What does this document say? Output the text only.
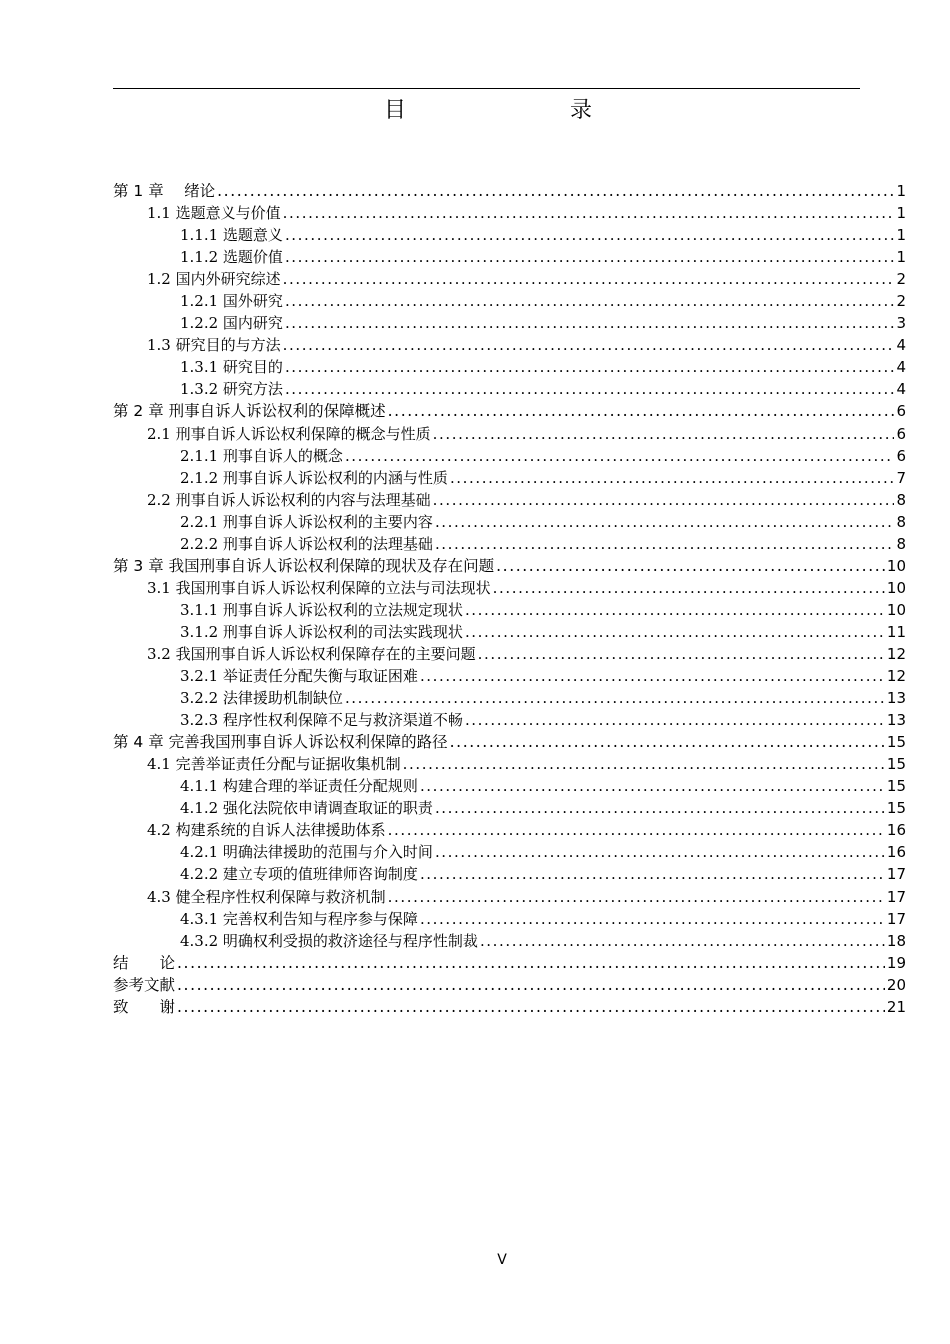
目　　录
第 1 章　 绪论 .....	1
1.1 选题意义与价值 .....	1
1.1.1 选题意义 .....	1
1.1.2 选题价值 .....	1
1.2 国内外研究综述 .....	2
1.2.1 国外研究 .....	2
1.2.2 国内研究 .....	3
1.3 研究目的与方法 .....	4
1.3.1 研究目的 .....	4
1.3.2 研究方法 .....	4
第 2 章 刑事自诉人诉讼权利的保障概述 .....	6
2.1 刑事自诉人诉讼权利保障的概念与性质 .....	6
2.1.1 刑事自诉人的概念 .....	6
2.1.2 刑事自诉人诉讼权利的内涵与性质 .....	7
2.2 刑事自诉人诉讼权利的内容与法理基础 .....	8
2.2.1 刑事自诉人诉讼权利的主要内容 .....	8
2.2.2 刑事自诉人诉讼权利的法理基础 .....	8
第 3 章 我国刑事自诉人诉讼权利保障的现状及存在问题 .....	10
3.1 我国刑事自诉人诉讼权利保障的立法与司法现状 .....	10
3.1.1 刑事自诉人诉讼权利的立法规定现状 .....	10
3.1.2 刑事自诉人诉讼权利的司法实践现状 .....	11
3.2 我国刑事自诉人诉讼权利保障存在的主要问题 .....	12
3.2.1 举证责任分配失衡与取证困难 .....	12
3.2.2 法律援助机制缺位 .....	13
3.2.3 程序性权利保障不足与救济渠道不畅 .....	13
第 4 章 完善我国刑事自诉人诉讼权利保障的路径 .....	15
4.1 完善举证责任分配与证据收集机制 .....	15
4.1.1 构建合理的举证责任分配规则 .....	15
4.1.2 强化法院依申请调查取证的职责 .....	15
4.2 构建系统的自诉人法律援助体系 .....	16
4.2.1 明确法律援助的范围与介入时间 .....	16
4.2.2 建立专项的值班律师咨询制度 .....	17
4.3 健全程序性权利保障与救济机制 .....	17
4.3.1 完善权利告知与程序参与保障 .....	17
4.3.2 明确权利受损的救济途径与程序性制裁 .....	18
结　　论 .....	19
参考文献 .....	20
致　　谢 .....	21
V
